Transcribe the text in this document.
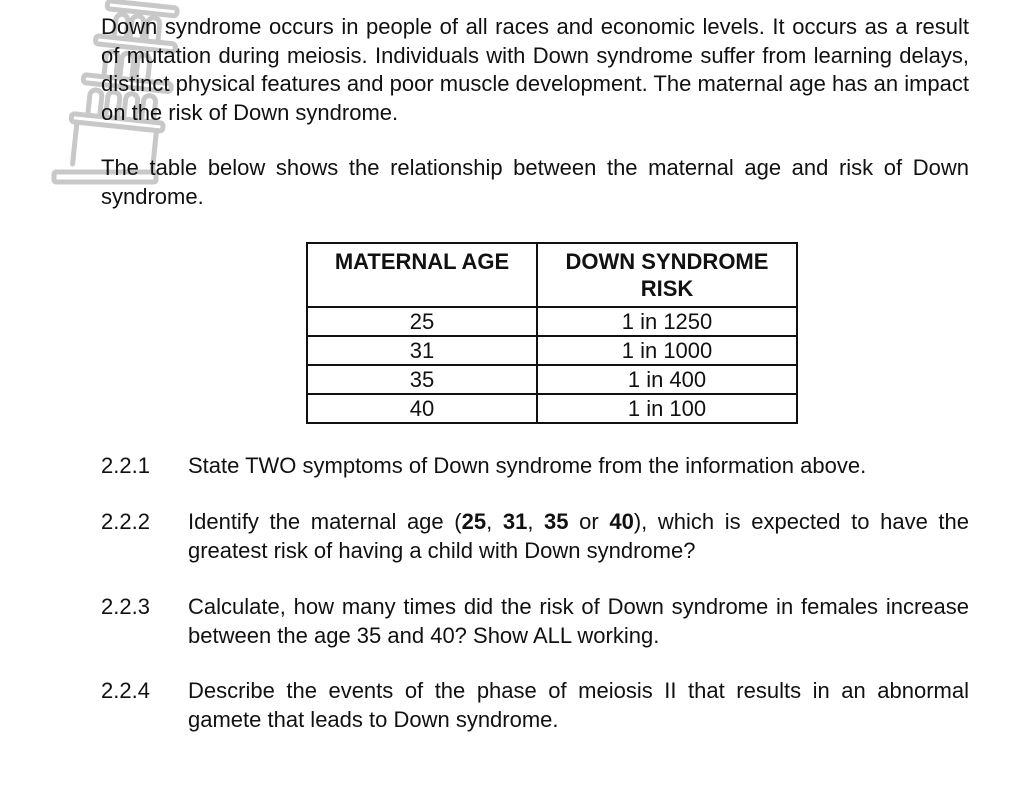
Down syndrome occurs in people of all races and economic levels. It occurs as a result of mutation during meiosis. Individuals with Down syndrome suffer from learning delays, distinct physical features and poor muscle development. The maternal age has an impact on the risk of Down syndrome.

The table below shows the relationship between the maternal age and risk of Down syndrome.

MATERNAL AGE	DOWN SYNDROME RISK
25	1 in 1250
31	1 in 1000
35	1 in 400
40	1 in 100
2.2.1 State TWO symptoms of Down syndrome from the information above.
2.2.2 Identify the maternal age (25, 31, 35 or 40), which is expected to have the greatest risk of having a child with Down syndrome?
2.2.3 Calculate, how many times did the risk of Down syndrome in females increase between the age 35 and 40? Show ALL working.
2.2.4 Describe the events of the phase of meiosis II that results in an abnormal gamete that leads to Down syndrome.
